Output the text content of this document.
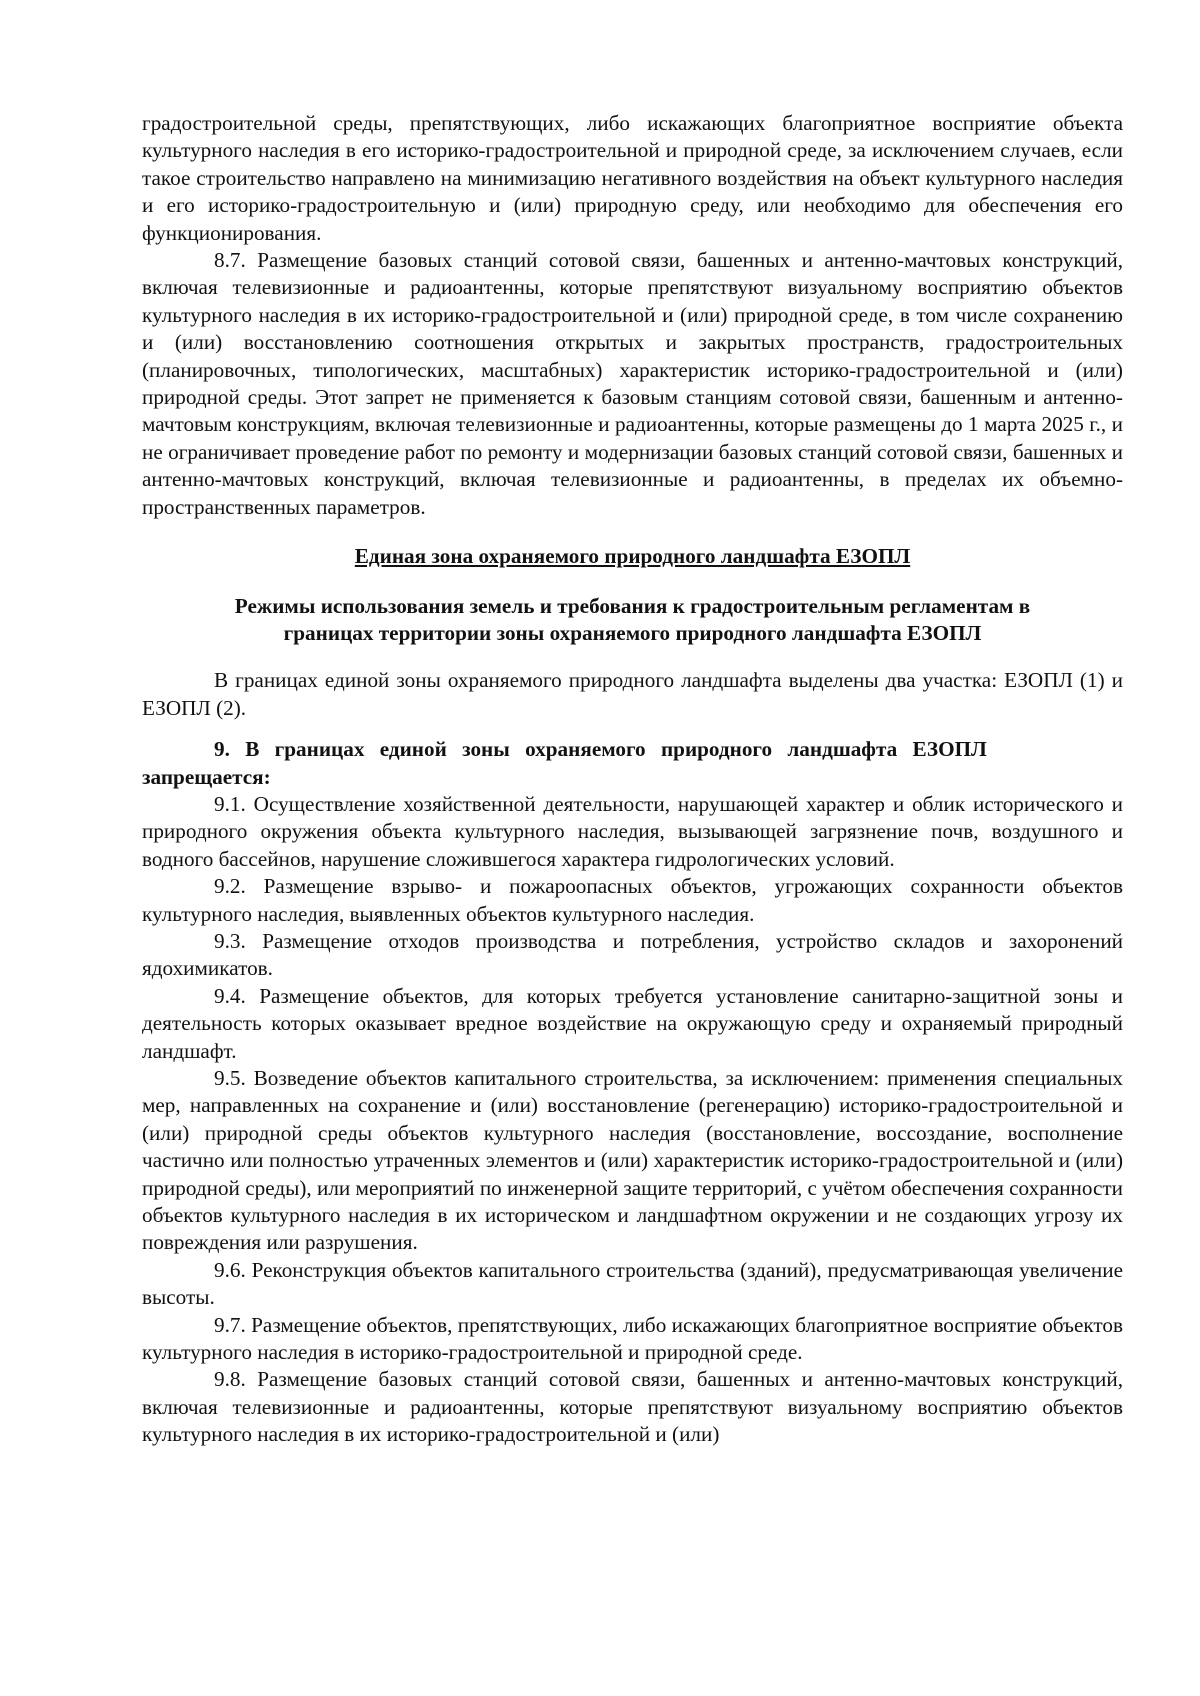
градостроительной среды, препятствующих, либо искажающих благоприятное восприятие объекта культурного наследия в его историко-градостроительной и природной среде, за исключением случаев, если такое строительство направлено на минимизацию негативного воздействия на объект культурного наследия и его историко-градостроительную и (или) природную среду, или необходимо для обеспечения его функционирования.

8.7. Размещение базовых станций сотовой связи, башенных и антенно-мачтовых конструкций, включая телевизионные и радиоантенны, которые препятствуют визуальному восприятию объектов культурного наследия в их историко-градостроительной и (или) природной среде, в том числе сохранению и (или) восстановлению соотношения открытых и закрытых пространств, градостроительных (планировочных, типологических, масштабных) характеристик историко-градостроительной и (или) природной среды. Этот запрет не применяется к базовым станциям сотовой связи, башенным и антенно-мачтовым конструкциям, включая телевизионные и радиоантенны, которые размещены до 1 марта 2025 г., и не ограничивает проведение работ по ремонту и модернизации базовых станций сотовой связи, башенных и антенно-мачтовых конструкций, включая телевизионные и радиоантенны, в пределах их объемно-пространственных параметров.

Единая зона охраняемого природного ландшафта ЕЗОПЛ

Режимы использования земель и требования к градостроительным регламентам в
границах территории зоны охраняемого природного ландшафта ЕЗОПЛ

В границах единой зоны охраняемого природного ландшафта выделены два участка: ЕЗОПЛ (1) и ЕЗОПЛ (2).

9. В границах единой зоны охраняемого природного ландшафта ЕЗОПЛ

запрещается:

9.1. Осуществление хозяйственной деятельности, нарушающей характер и облик исторического и природного окружения объекта культурного наследия, вызывающей загрязнение почв, воздушного и водного бассейнов, нарушение сложившегося характера гидрологических условий.

9.2. Размещение взрыво- и пожароопасных объектов, угрожающих сохранности объектов культурного наследия, выявленных объектов культурного наследия.

9.3. Размещение отходов производства и потребления, устройство складов и захоронений ядохимикатов.

9.4. Размещение объектов, для которых требуется установление санитарно-защитной зоны и деятельность которых оказывает вредное воздействие на окружающую среду и охраняемый природный ландшафт.

9.5. Возведение объектов капитального строительства, за исключением: применения специальных мер, направленных на сохранение и (или) восстановление (регенерацию) историко-градостроительной и (или) природной среды объектов культурного наследия (восстановление, воссоздание, восполнение частично или полностью утраченных элементов и (или) характеристик историко-градостроительной и (или) природной среды), или мероприятий по инженерной защите территорий, с учётом обеспечения сохранности объектов культурного наследия в их историческом и ландшафтном окружении и не создающих угрозу их повреждения или разрушения.

9.6. Реконструкция объектов капитального строительства (зданий), предусматривающая увеличение высоты.

9.7. Размещение объектов, препятствующих, либо искажающих благоприятное восприятие объектов культурного наследия в историко-градостроительной и природной среде.

9.8. Размещение базовых станций сотовой связи, башенных и антенно-мачтовых конструкций, включая телевизионные и радиоантенны, которые препятствуют визуальному восприятию объектов культурного наследия в их историко-градостроительной и (или)
